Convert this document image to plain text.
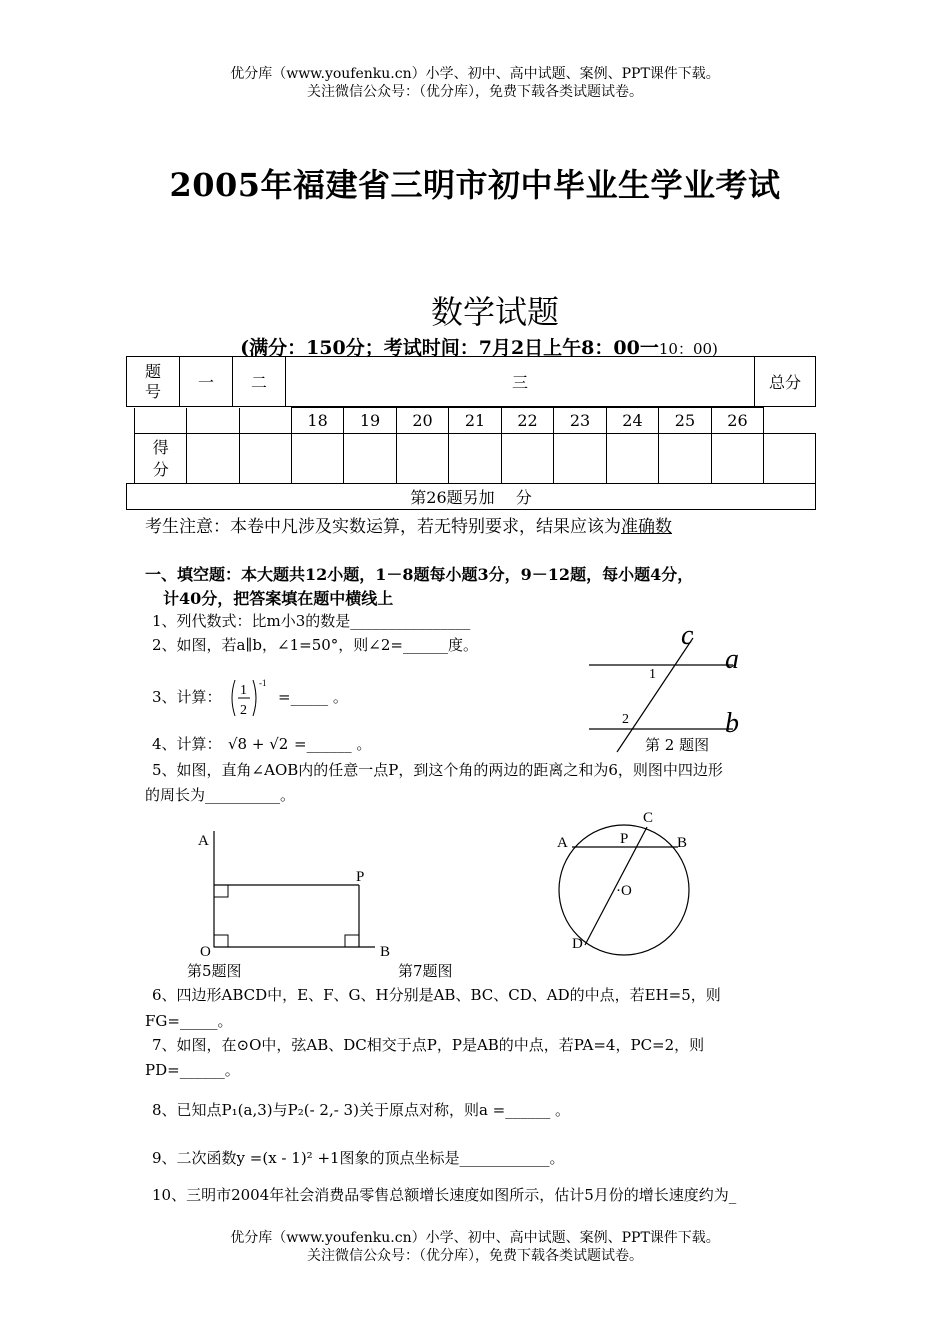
优分库（www.youfenku.cn）小学、初中、高中试题、案例、PPT课件下载。
关注微信公众号：（优分库），免费下载各类试题试卷。
2005年福建省三明市初中毕业生学业考试
数学试题
(满分：150分；考试时间：7月2日上午8：00一10：00)
题号	一	二	三	总分
			18	19	20	21	22	23	24	25	26	

得分												

第26题另加　 分
考生注意：本卷中凡涉及实数运算，若无特别要求，结果应该为准确数
一、填空题：本大题共12小题，1－8题每小题3分，9－12题，每小题4分，
计40分，把答案填在题中横线上
1、列代数式：比m小3的数是________________
2、如图，若a∥b，∠1=50°，则∠2=______度。
3、计算： 1
2
-1
=_____ 。
4、计算： √8 + √2 =______ 。
c
a
b
1
2
第 2 题图
5、如图，直角∠AOB内的任意一点P，到这个角的两边的距离之和为6，则图中四边形
的周长为__________。
A
O
P
B
第5题图
A	B
C
D
P
·O
第7题图
6、四边形ABCD中，E、F、G、H分别是AB、BC、CD、AD的中点，若EH=5，则
FG=_____。
7、如图，在⊙O中，弦AB、DC相交于点P，P是AB的中点，若PA=4，PC=2，则
PD=______。
8、已知点P₁(a,3)与P₂(- 2,- 3)关于原点对称，则a =______ 。
9、二次函数y =(x - 1)² +1图象的顶点坐标是____________。
10、三明市2004年社会消费品零售总额增长速度如图所示，估计5月份的增长速度约为_
优分库（www.youfenku.cn）小学、初中、高中试题、案例、PPT课件下载。
关注微信公众号：（优分库），免费下载各类试题试卷。
